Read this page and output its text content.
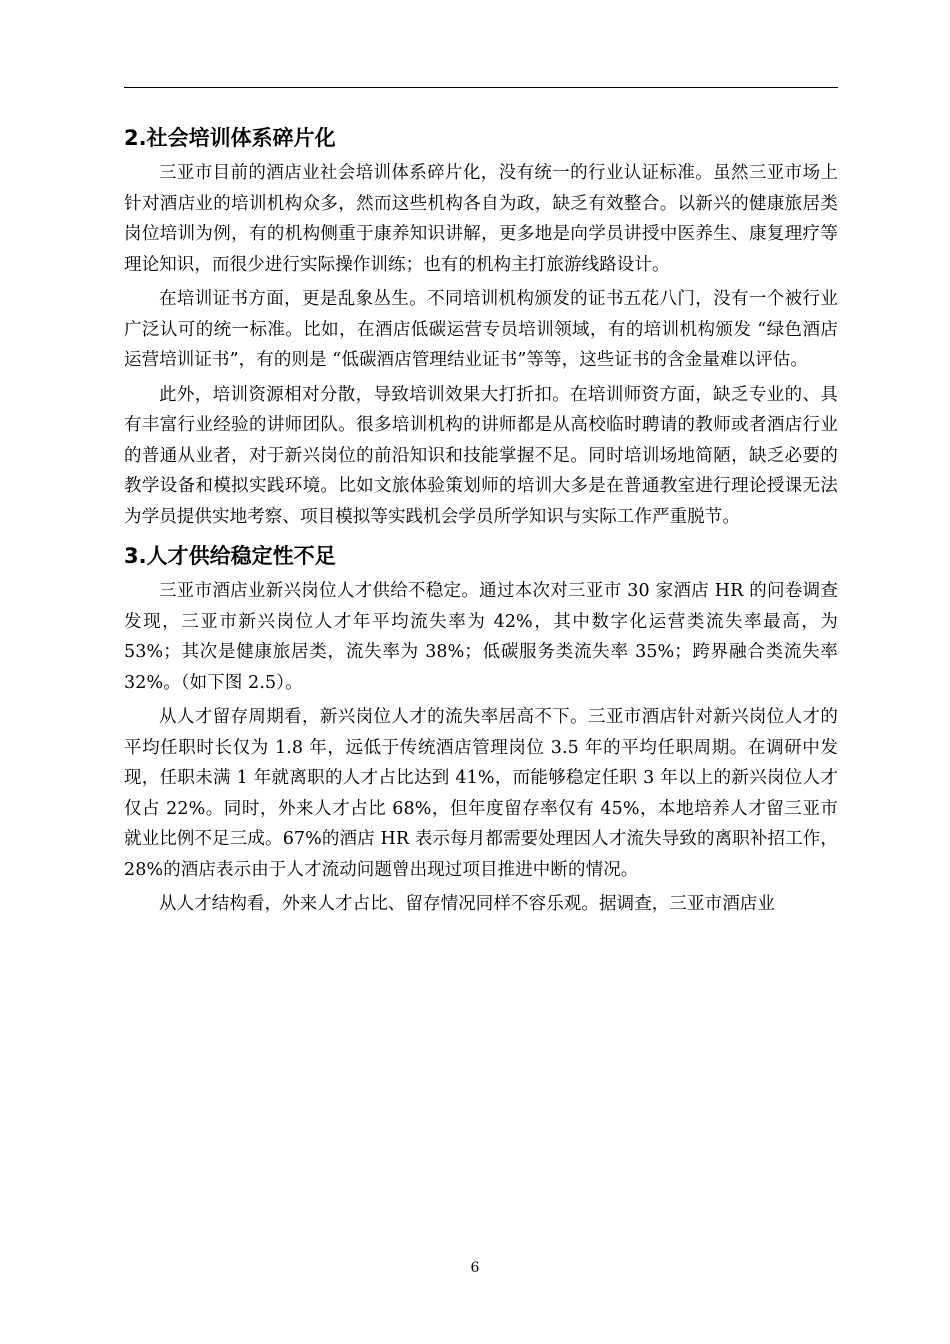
2.社会培训体系碎片化

三亚市目前的酒店业社会培训体系碎片化，没有统一的行业认证标准。虽然三亚市场上针对酒店业的培训机构众多，然而这些机构各自为政，缺乏有效整合。以新兴的健康旅居类岗位培训为例，有的机构侧重于康养知识讲解，更多地是向学员讲授中医养生、康复理疗等理论知识，而很少进行实际操作训练；也有的机构主打旅游线路设计。

在培训证书方面，更是乱象丛生。不同培训机构颁发的证书五花八门，没有一个被行业广泛认可的统一标准。比如，在酒店低碳运营专员培训领域，有的培训机构颁发 “绿色酒店运营培训证书”，有的则是 “低碳酒店管理结业证书”等等，这些证书的含金量难以评估。

此外，培训资源相对分散，导致培训效果大打折扣。在培训师资方面，缺乏专业的、具有丰富行业经验的讲师团队。很多培训机构的讲师都是从高校临时聘请的教师或者酒店行业的普通从业者，对于新兴岗位的前沿知识和技能掌握不足。同时培训场地简陋，缺乏必要的教学设备和模拟实践环境。比如文旅体验策划师的培训大多是在普通教室进行理论授课无法为学员提供实地考察、项目模拟等实践机会学员所学知识与实际工作严重脱节。

3.人才供给稳定性不足

三亚市酒店业新兴岗位人才供给不稳定。通过本次对三亚市 30 家酒店 HR 的问卷调查发现，三亚市新兴岗位人才年平均流失率为 42%，其中数字化运营类流失率最高，为 53%；其次是健康旅居类，流失率为 38%；低碳服务类流失率 35%；跨界融合类流失率 32%。（如下图 2.5）。

从人才留存周期看，新兴岗位人才的流失率居高不下。三亚市酒店针对新兴岗位人才的平均任职时长仅为 1.8 年，远低于传统酒店管理岗位 3.5 年的平均任职周期。在调研中发现，任职未满 1 年就离职的人才占比达到 41%，而能够稳定任职 3 年以上的新兴岗位人才仅占 22%。同时，外来人才占比 68%，但年度留存率仅有 45%，本地培养人才留三亚市就业比例不足三成。67%的酒店 HR 表示每月都需要处理因人才流失导致的离职补招工作，28%的酒店表示由于人才流动问题曾出现过项目推进中断的情况。

从人才结构看，外来人才占比、留存情况同样不容乐观。据调查，三亚市酒店业

6
